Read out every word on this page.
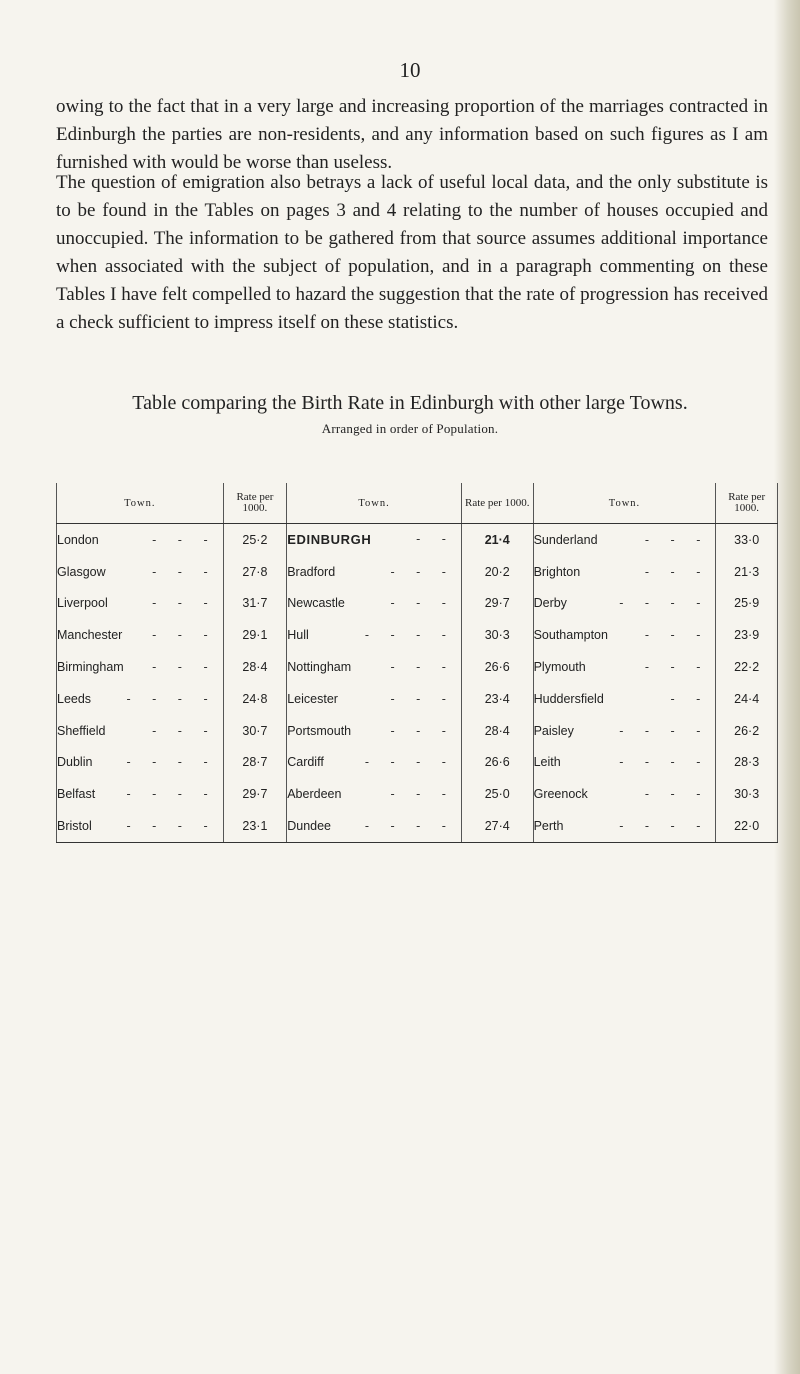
10

owing to the fact that in a very large and increasing proportion of the marriages contracted in Edinburgh the parties are non-residents, and any information based on such figures as I am furnished with would be worse than useless.

The question of emigration also betrays a lack of useful local data, and the only substitute is to be found in the Tables on pages 3 and 4 relating to the number of houses occupied and unoccupied. The information to be gathered from that source assumes additional importance when associated with the subject of population, and in a paragraph commenting on these Tables I have felt compelled to hazard the suggestion that the rate of progression has received a check sufficient to impress itself on these statistics.

Table comparing the Birth Rate in Edinburgh with other large Towns.
Arranged in order of Population.
Town.	Rate per 1000.	Town.	Rate per 1000.	Town.	Rate per 1000.
London - - -	25·2	EDINBURGH - -	21·4	Sunderland - - -	33·0
Glasgow - - -	27·8	Bradford - - -	20·2	Brighton - - -	21·3
Liverpool - - -	31·7	Newcastle - - -	29·7	Derby - - - -	25·9
Manchester - - -	29·1	Hull - - - -	30·3	Southampton - - -	23·9
Birmingham - - -	28·4	Nottingham - - -	26·6	Plymouth - - -	22·2
Leeds - - - -	24·8	Leicester - - -	23·4	Huddersfield - -	24·4
Sheffield - - -	30·7	Portsmouth - - -	28·4	Paisley - - - -	26·2
Dublin - - - -	28·7	Cardiff - - - -	26·6	Leith - - - -	28·3
Belfast - - - -	29·7	Aberdeen - - -	25·0	Greenock - - -	30·3
Bristol - - - -	23·1	Dundee - - - -	27·4	Perth - - - -	22·0
